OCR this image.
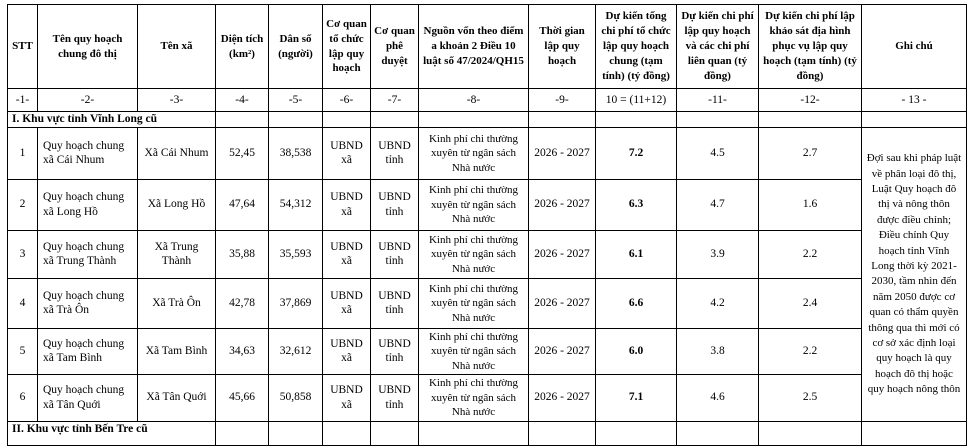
STT	Tên quy hoạch chung đô thị	Tên xã	Diện tích (km²)	Dân số (người)	Cơ quan tổ chức lập quy hoạch	Cơ quan phê duyệt	Nguồn vốn theo điểm a khoản 2 Điều 10 luật số 47/2024/QH15	Thời gian lập quy hoạch	Dự kiến tổng chi phí tổ chức lập quy hoạch chung (tạm tính) (tỷ đồng)	Dự kiến chi phí lập quy hoạch và các chi phí liên quan (tỷ đồng)	Dự kiến chi phí lập khảo sát địa hình phục vụ lập quy hoạch (tạm tính) (tỷ đồng)	Ghi chú
-1-	-2-	-3-	-4-	-5-	-6-	-7-	-8-	-9-	10 = (11+12)	-11-	-12-	- 13 -
I. Khu vực tỉnh Vĩnh Long cũ												
1	Quy hoạch chung xã Cái Nhum	Xã Cái Nhum	52,45	38,538	UBND xã	UBND tỉnh	Kinh phí chi thường xuyên từ ngân sách Nhà nước	2026 - 2027	7.2	4.5	2.7	Đợi sau khi pháp luật về phân loại đô thị, Luật Quy hoạch đô thị và nông thôn được điều chỉnh; Điều chỉnh Quy hoạch tỉnh Vĩnh Long thời kỳ 2021-2030, tầm nhìn đến năm 2050 được cơ quan có thẩm quyền thông qua thì mới có cơ sở xác định loại quy hoạch là quy hoạch đô thị hoặc quy hoạch nông thôn
2	Quy hoạch chung xã Long Hồ	Xã Long Hồ	47,64	54,312	UBND xã	UBND tỉnh	Kinh phí chi thường xuyên từ ngân sách Nhà nước	2026 - 2027	6.3	4.7	1.6	
3	Quy hoạch chung xã Trung Thành	Xã Trung Thành	35,88	35,593	UBND xã	UBND tỉnh	Kinh phí chi thường xuyên từ ngân sách Nhà nước	2026 - 2027	6.1	3.9	2.2	
4	Quy hoạch chung xã Trà Ôn	Xã Trà Ôn	42,78	37,869	UBND xã	UBND tỉnh	Kinh phí chi thường xuyên từ ngân sách Nhà nước	2026 - 2027	6.6	4.2	2.4	
5	Quy hoạch chung xã Tam Bình	Xã Tam Bình	34,63	32,612	UBND xã	UBND tỉnh	Kinh phí chi thường xuyên từ ngân sách Nhà nước	2026 - 2027	6.0	3.8	2.2	
6	Quy hoạch chung xã Tân Quới	Xã Tân Quới	45,66	50,858	UBND xã	UBND tỉnh	Kinh phí chi thường xuyên từ ngân sách Nhà nước	2026 - 2027	7.1	4.6	2.5	
II. Khu vực tỉnh Bến Tre cũ												
